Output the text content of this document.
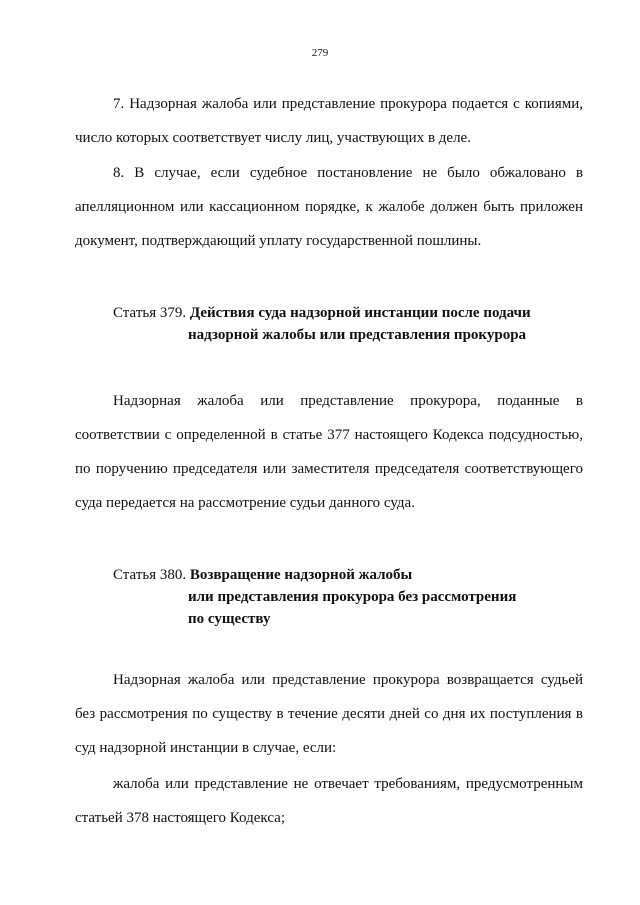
279

7. Надзорная жалоба или представление прокурора подается с копиями, число которых соответствует числу лиц, участвующих в деле.

8. В случае, если судебное постановление не было обжаловано в апелляционном или кассационном порядке, к жалобе должен быть приложен документ, подтверждающий уплату государственной пошлины.

Статья 379. Действия суда надзорной инстанции после подачи
надзорной жалобы или представления прокурора

Надзорная жалоба или представление прокурора, поданные в соответствии с определенной в статье 377 настоящего Кодекса подсудностью, по поручению председателя или заместителя председателя соответствующего суда передается на рассмотрение судьи данного суда.

Статья 380. Возвращение надзорной жалобы
или представления прокурора без рассмотрения
по существу

Надзорная жалоба или представление прокурора возвращается судьей без рассмотрения по существу в течение десяти дней со дня их поступления в суд надзорной инстанции в случае, если:

жалоба или представление не отвечает требованиям, предусмотренным статьей 378 настоящего Кодекса;
